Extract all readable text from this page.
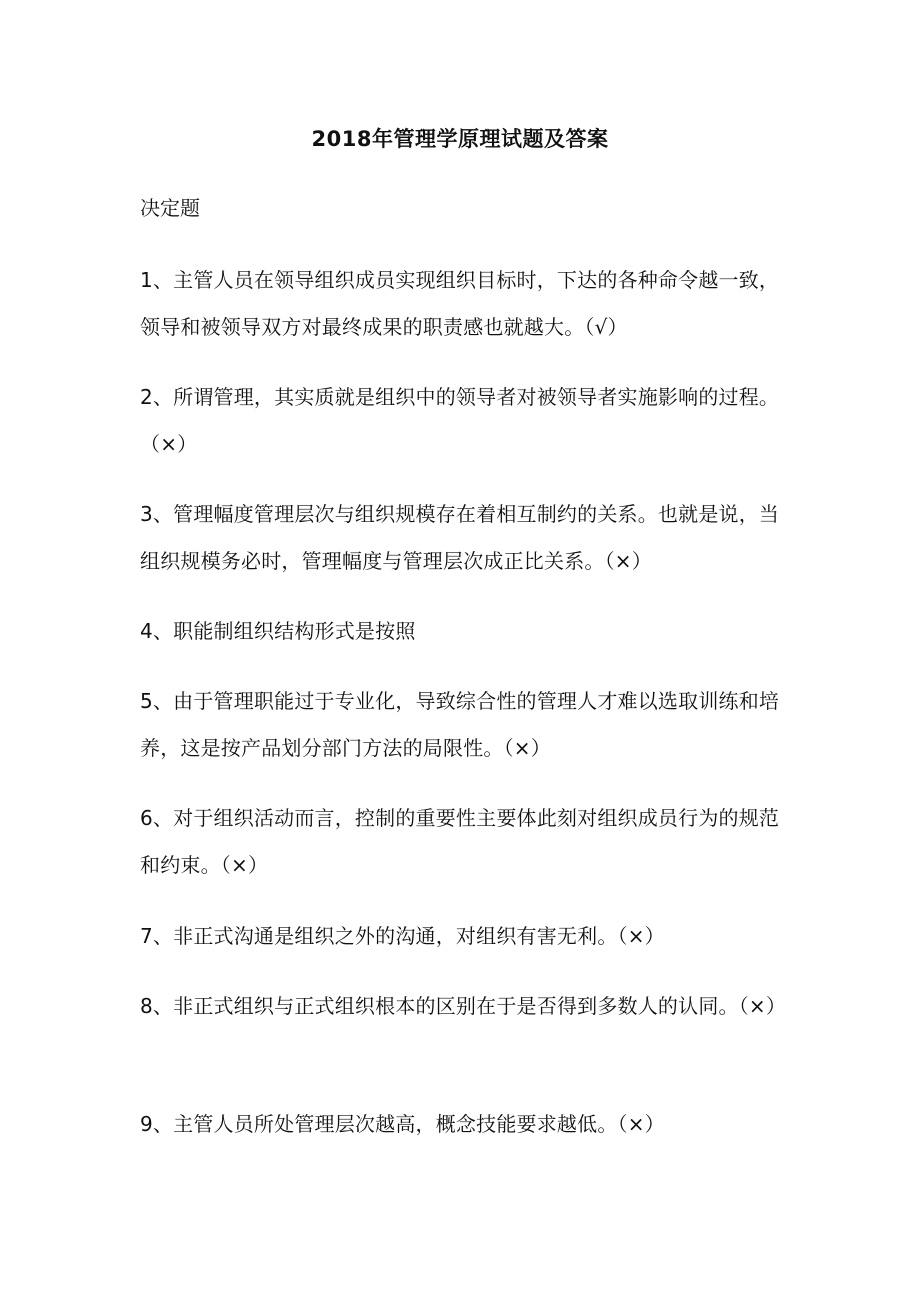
2018年管理学原理试题及答案
决定题
1、主管人员在领导组织成员实现组织目标时，下达的各种命令越一致，领导和被领导双方对最终成果的职责感也就越大。（√）
2、所谓管理，其实质就是组织中的领导者对被领导者实施影响的过程。（×）
3、管理幅度管理层次与组织规模存在着相互制约的关系。也就是说，当组织规模务必时，管理幅度与管理层次成正比关系。（×）
4、职能制组织结构形式是按照
5、由于管理职能过于专业化，导致综合性的管理人才难以选取训练和培养，这是按产品划分部门方法的局限性。（×）
6、对于组织活动而言，控制的重要性主要体此刻对组织成员行为的规范和约束。（×）
7、非正式沟通是组织之外的沟通，对组织有害无利。（×）
8、非正式组织与正式组织根本的区别在于是否得到多数人的认同。（×）
9、主管人员所处管理层次越高，概念技能要求越低。（×）
